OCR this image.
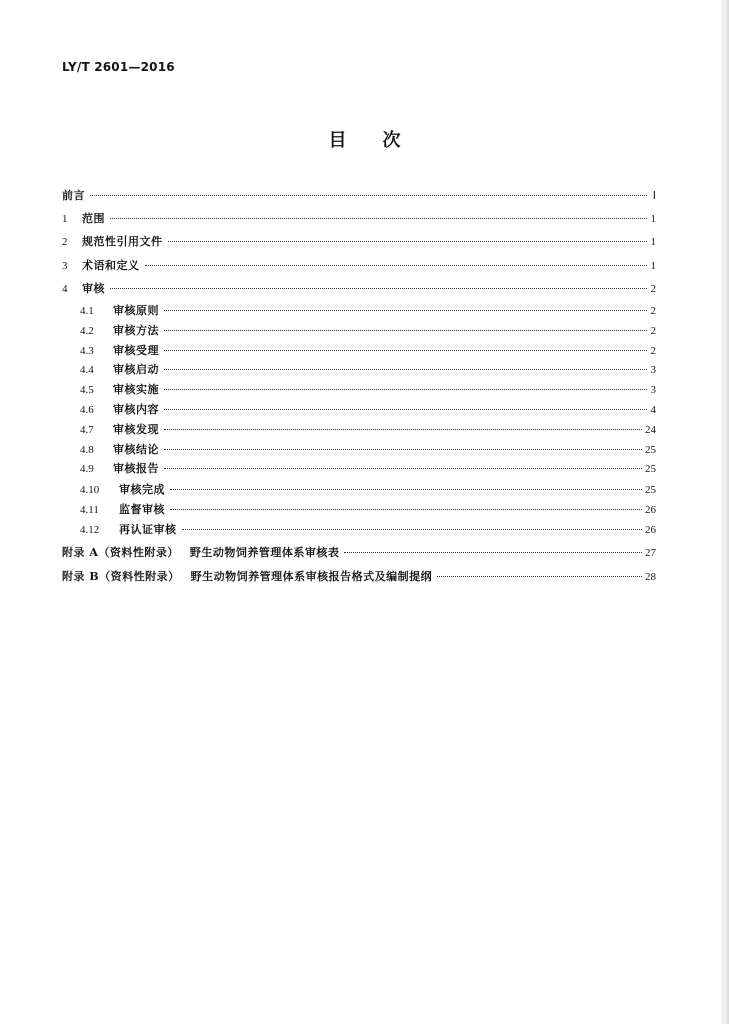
LY/T 2601—2016
目　　次
前言	Ⅰ
1	范围	1
2	规范性引用文件	1
3	术语和定义	1
4	审核	2
4.1	审核原则	2
4.2	审核方法	2
4.3	审核受理	2
4.4	审核启动	3
4.5	审核实施	3
4.6	审核内容	4
4.7	审核发现	24
4.8	审核结论	25
4.9	审核报告	25
4.10	审核完成	25
4.11	监督审核	26
4.12	再认证审核	26
附录 A（资料性附录） 野生动物饲养管理体系审核表	27
附录 B（资料性附录） 野生动物饲养管理体系审核报告格式及编制提纲	28
